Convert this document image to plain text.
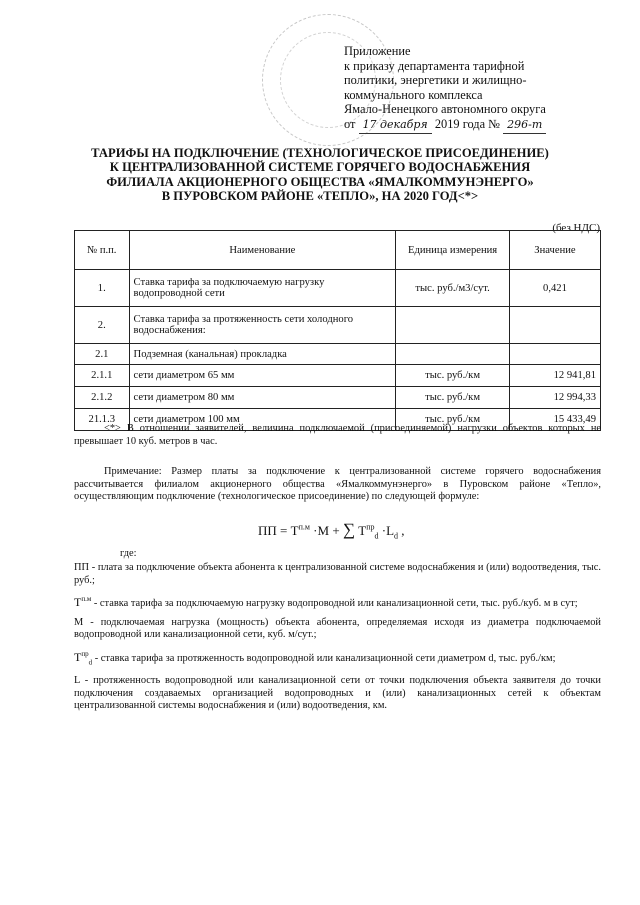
Приложение
к приказу департамента тарифной
политики, энергетики и жилищно-
коммунального комплекса
Ямало-Ненецкого автономного округа
от 17 декабря 2019 года № 296-т
ТАРИФЫ НА ПОДКЛЮЧЕНИЕ (ТЕХНОЛОГИЧЕСКОЕ ПРИСОЕДИНЕНИЕ)
К ЦЕНТРАЛИЗОВАННОЙ СИСТЕМЕ ГОРЯЧЕГО ВОДОСНАБЖЕНИЯ
ФИЛИАЛА АКЦИОНЕРНОГО ОБЩЕСТВА «ЯМАЛКОММУНЭНЕРГО»
В ПУРОВСКОМ РАЙОНЕ «ТЕПЛО», НА 2020 ГОД<*>
(без НДС)
№ п.п.	Наименование	Единица измерения	Значение
1.	Ставка тарифа за подключаемую нагрузку водопроводной сети	тыс. руб./м3/сут.	0,421
2.	Ставка тарифа за протяженность сети холодного водоснабжения:		
2.1	Подземная (канальная) прокладка		
2.1.1	сети диаметром 65 мм	тыс. руб./км	12 941,81
2.1.2	сети диаметром 80 мм	тыс. руб./км	12 994,33
21.1.3	сети диаметром 100 мм	тыс. руб./км	15 433,49
<*> В отношении заявителей, величина подключаемой (присоединяемой) нагрузки объектов которых не превышает 10 куб. метров в час.
Примечание: Размер платы за подключение к централизованной системе горячего водоснабжения рассчитывается филиалом акционерного общества «Ямалкоммунэнерго» в Пуровском районе «Тепло», осуществляющим подключение (технологическое присоединение) по следующей формуле:
ПП = $Т^{п.м} \cdot М$ + ∑ $Т^{пр}_d \cdot L_d$ ,
где:

ПП - плата за подключение объекта абонента к централизованной системе водоснабжения и (или) водоотведения, тыс. руб.;

$Т^{п.м}$ - ставка тарифа за подключаемую нагрузку водопроводной или канализационной сети, тыс. руб./куб. м в сут;

М - подключаемая нагрузка (мощность) объекта абонента, определяемая исходя из диаметра подключаемой водопроводной или канализационной сети, куб. м/сут.;

$Т^{пр}_d$ - ставка тарифа за протяженность водопроводной или канализационной сети диаметром d, тыс. руб./км;

L - протяженность водопроводной или канализационной сети от точки подключения объекта заявителя до точки подключения создаваемых организацией водопроводных и (или) канализационных сетей к объектам централизованной системы водоснабжения и (или) водоотведения, км.
